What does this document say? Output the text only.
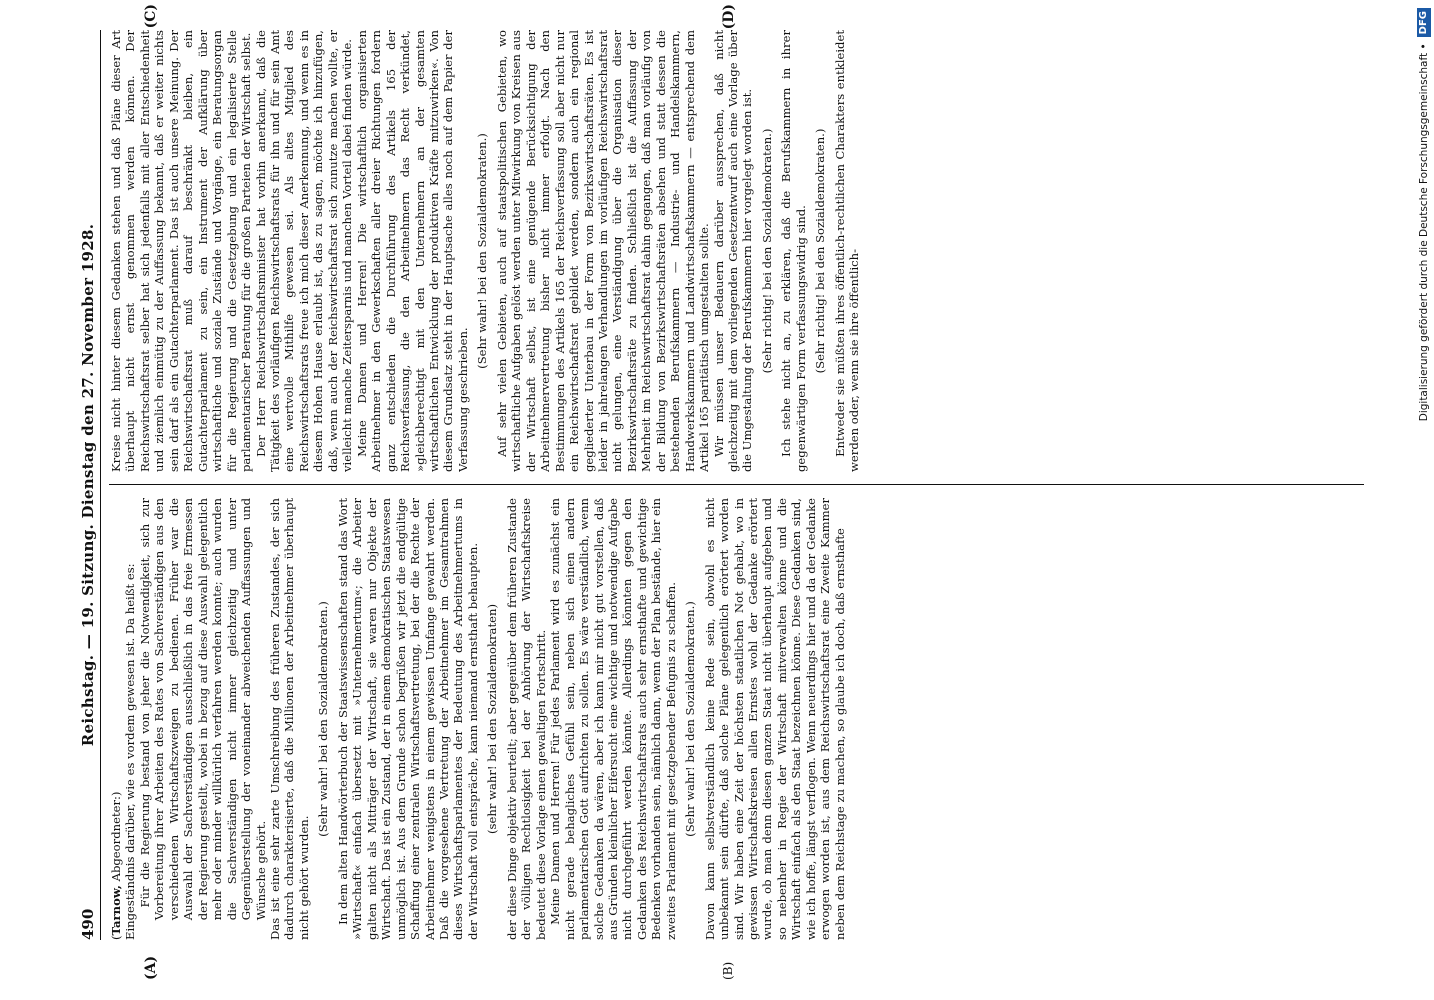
490
Reichstag. — 19. Sitzung. Dienstag den 27. November 1928.
(A)	(B)
(C)	(D)

(Tarnow, Abgeordneter:) Eingeständnis darüber, wie es vordem gewesen ist. Da heißt es: Für die Regierung bestand von jeher die Notwendigkeit, sich zur Vorbereitung ihrer Arbeiten des Rates von Sachverständigen aus den verschiedenen Wirtschaftszweigen zu bedienen. Früher war die Auswahl der Sachverständigen ausschließlich in das freie Ermessen der Regierung gestellt, wobei in bezug auf diese Auswahl gelegentlich mehr oder minder willkürlich verfahren werden konnte; auch wurden die Sachverständigen nicht immer gleichzeitig und unter Gegenüberstellung der voneinander abweichenden Auffassungen und Wünsche gehört. Das ist eine sehr zarte Umschreibung des früheren Zustandes, der sich dadurch charakterisierte, daß die Millionen der Arbeitnehmer überhaupt nicht gehört wurden.

(Sehr wahr! bei den Sozialdemokraten.) In dem alten Handwörterbuch der Staatswissenschaften stand das Wort »Wirtschaft« einfach übersetzt mit »Unternehmertum«; die Arbeiter galten nicht als Mitträger der Wirtschaft, sie waren nur Objekte der Wirtschaft. Das ist ein Zustand, der in einem demokratischen Staatswesen unmöglich ist. Aus dem Grunde schon begrüßen wir jetzt die endgültige Schaffung einer zentralen Wirtschaftsvertretung, bei der die Rechte der Arbeitnehmer wenigstens in einem gewissen Umfange gewahrt werden. Daß die vorgesehene Vertretung der Arbeitnehmer im Gesamtrahmen dieses Wirtschaftsparlamentes der Bedeutung des Arbeitnehmertums in der Wirtschaft voll entspräche, kann niemand ernsthaft behaupten. (sehr wahr! bei den Sozialdemokraten) der diese Dinge objektiv beurteilt; aber gegenüber dem früheren Zustande der völligen Rechtlosigkeit bei der Anhörung der Wirtschaftskreise bedeutet diese Vorlage einen gewaltigen Fortschritt. Meine Damen und Herren! Für jedes Parlament wird es zunächst ein nicht gerade behagliches Gefühl sein, neben sich einen andern parlamentarischen Gott aufrichten zu sollen. Es wäre verständlich, wenn solche Gedanken da wären, aber ich kann mir nicht gut vorstellen, daß aus Gründen kleinlicher Eifersucht eine wichtige und notwendige Aufgabe nicht durchgeführt werden könnte. Allerdings könnten gegen den Gedanken des Reichswirtschaftsrats auch sehr ernsthafte und gewichtige Bedenken vorhanden sein, nämlich dann, wenn der Plan bestände, hier ein zweites Parlament mit gesetzgebender Befugnis zu schaffen. (Sehr wahr! bei den Sozialdemokraten.) Davon kann selbstverständlich keine Rede sein, obwohl es nicht unbekannt sein dürfte, daß solche Pläne gelegentlich erörtert worden sind. Wir haben eine Zeit der höchsten staatlichen Not gehabt, wo in gewissen Wirtschaftskreisen allen Ernstes wohl der Gedanke erörtert wurde, ob man denn diesen ganzen Staat nicht überhaupt aufgeben und so nebenher in Regie der Wirtschaft mitverwalten könne und die Wirtschaft einfach als den Staat bezeichnen könne. Diese Gedanken sind, wie ich hoffe, längst verflogen. Wenn neuerdings hier und da der Gedanke erwogen worden ist, aus dem Reichswirtschaftsrat eine Zweite Kammer neben dem Reichstage zu machen, so glaube ich doch, daß ernsthafte

Kreise nicht hinter diesem Gedanken stehen und daß Pläne dieser Art überhaupt nicht ernst genommen werden können. Der Reichswirtschaftsrat selber hat sich jedenfalls mit aller Entschiedenheit und ziemlich einmütig zu der Auffassung bekannt, daß er weiter nichts sein darf als ein Gutachterparlament. Das ist auch unsere Meinung. Der Reichswirtschaftsrat muß darauf beschränkt bleiben, ein Gutachterparlament zu sein, ein Instrument der Aufklärung über wirtschaftliche und soziale Zustände und Vorgänge, ein Beratungsorgan für die Regierung und die Gesetzgebung und ein legalisierte Stelle parlamentarischer Beratung für die großen Parteien der Wirtschaft selbst. Der Herr Reichswirtschaftsminister hat vorhin anerkannt, daß die Tätigkeit des vorläufigen Reichswirtschaftsrats für ihn und für sein Amt eine wertvolle Mithilfe gewesen sei. Als altes Mitglied des Reichswirtschaftsrats freue ich mich dieser Anerkennung, und wenn es in diesem Hohen Hause erlaubt ist, das zu sagen, möchte ich hinzufügen, daß, wenn auch der Reichswirtschaftsrat sich zunutze machen wollte, er vielleicht manche Zeitersparnis und manchen Vorteil dabei finden würde. Meine Damen und Herren! Die wirtschaftlich organisierten Arbeitnehmer in den Gewerkschaften aller dreier Richtungen fordern ganz entschieden die Durchführung des Artikels 165 der Reichsverfassung, die den Arbeitnehmern das Recht verkündet, »gleichberechtigt mit den Unternehmern an der gesamten wirtschaftlichen Entwicklung der produktiven Kräfte mitzuwirken«. Von diesem Grundsatz steht in der Hauptsache alles noch auf dem Papier der Verfassung geschrieben.

(Sehr wahr! bei den Sozialdemokraten.) Auf sehr vielen Gebieten, auch auf staatspolitischen Gebieten, wo wirtschaftliche Aufgaben gelöst werden unter Mitwirkung von Kreisen aus der Wirtschaft selbst, ist eine genügende Berücksichtigung der Arbeitnehmervertretung bisher nicht immer erfolgt. Nach den Bestimmungen des Artikels 165 der Reichsverfassung soll aber nicht nur ein Reichswirtschaftsrat gebildet werden, sondern auch ein regional gegliederter Unterbau in der Form von Bezirkswirtschaftsräten. Es ist leider in jahrelangen Verhandlungen im vorläufigen Reichswirtschaftsrat nicht gelungen, eine Verständigung über die Organisation dieser Bezirkswirtschaftsräte zu finden. Schließlich ist die Auffassung der Mehrheit im Reichswirtschaftsrat dahin gegangen, daß man vorläufig von der Bildung von Bezirkswirtschaftsräten absehen und statt dessen die bestehenden Berufskammern — Industrie- und Handelskammern, Handwerkskammern und Landwirtschaftskammern — entsprechend dem Artikel 165 paritätisch umgestalten sollte. Wir müssen unser Bedauern darüber aussprechen, daß nicht gleichzeitig mit dem vorliegenden Gesetzentwurf auch eine Vorlage über die Umgestaltung der Berufskammern hier vorgelegt worden ist. (Sehr richtig! bei den Sozialdemokraten.) Ich stehe nicht an, zu erklären, daß die Berufskammern in ihrer gegenwärtigen Form verfassungswidrig sind. (Sehr richtig! bei den Sozialdemokraten.) Entweder sie müßten ihres öffentlich-rechtlichen Charakters entkleidet werden oder, wenn sie ihre öffentlich-	Digitalisierung gefördert durch die Deutsche Forschungsgemeinschaft •
DFG
